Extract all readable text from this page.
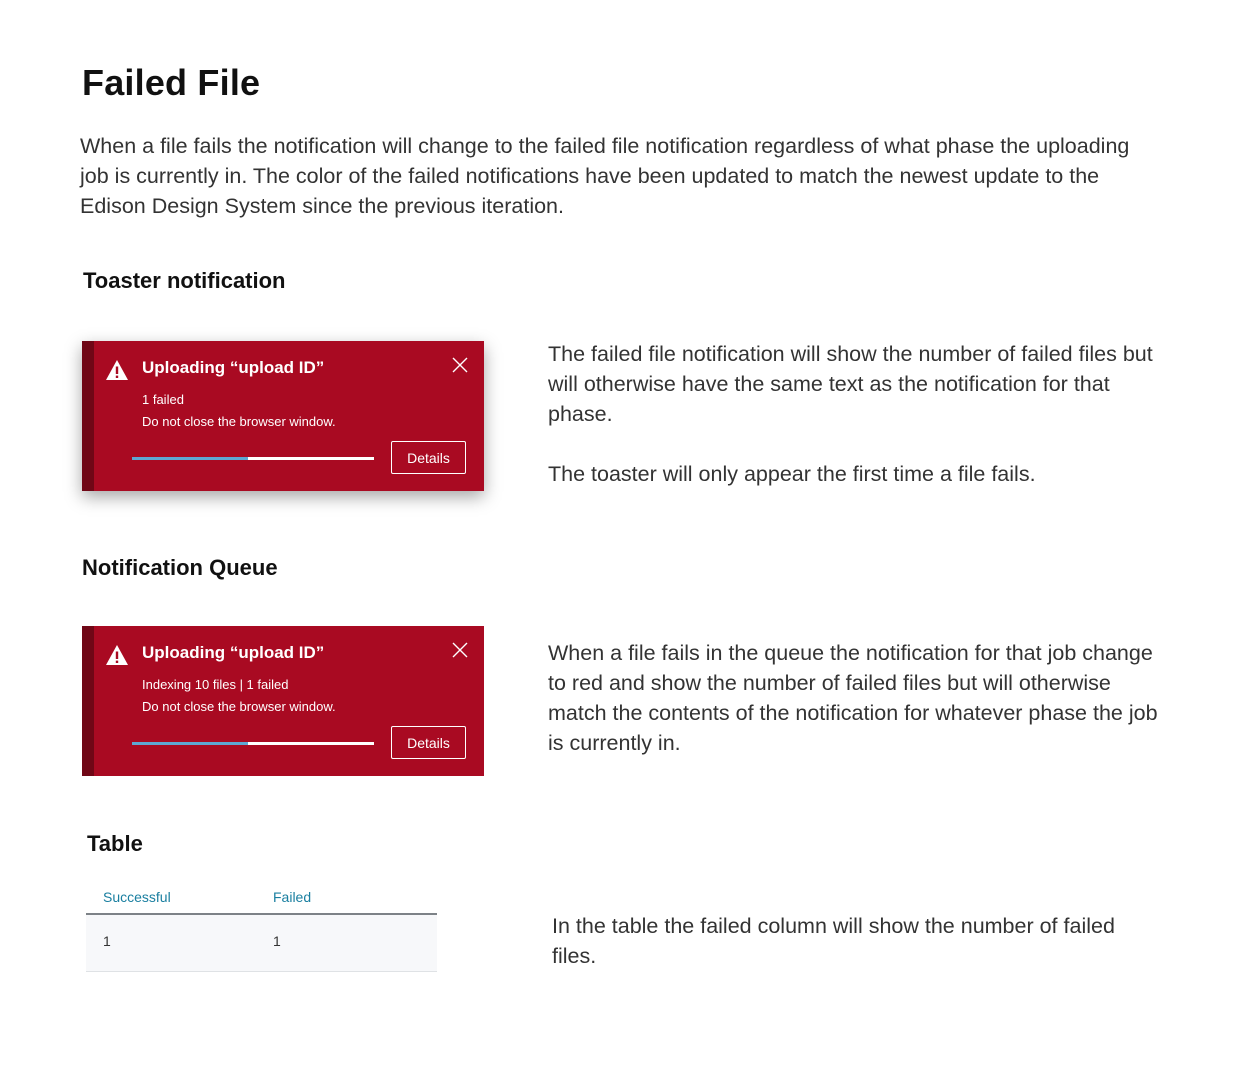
Failed File

When a file fails the notification will change to the failed file notification regardless of what phase the uploading job is currently in. The color of the failed notifications have been updated to match the newest update to the Edison Design System since the previous iteration.

Toaster notification
Uploading “upload ID”
1 failed
Do not close the browser window.
Details

The failed file notification will show the number of failed files but will otherwise have the same text as the notification for that phase.

The toaster will only appear the first time a file fails.

Notification Queue
Uploading “upload ID”
Indexing 10 files | 1 failed
Do not close the browser window.
Details

When a file fails in the queue the notification for that job change to red and show the number of failed files but will otherwise match the contents of the notification for whatever phase the job is currently in.

Table
Successful	Failed
1	1

In the table the failed column will show the number of failed files.
